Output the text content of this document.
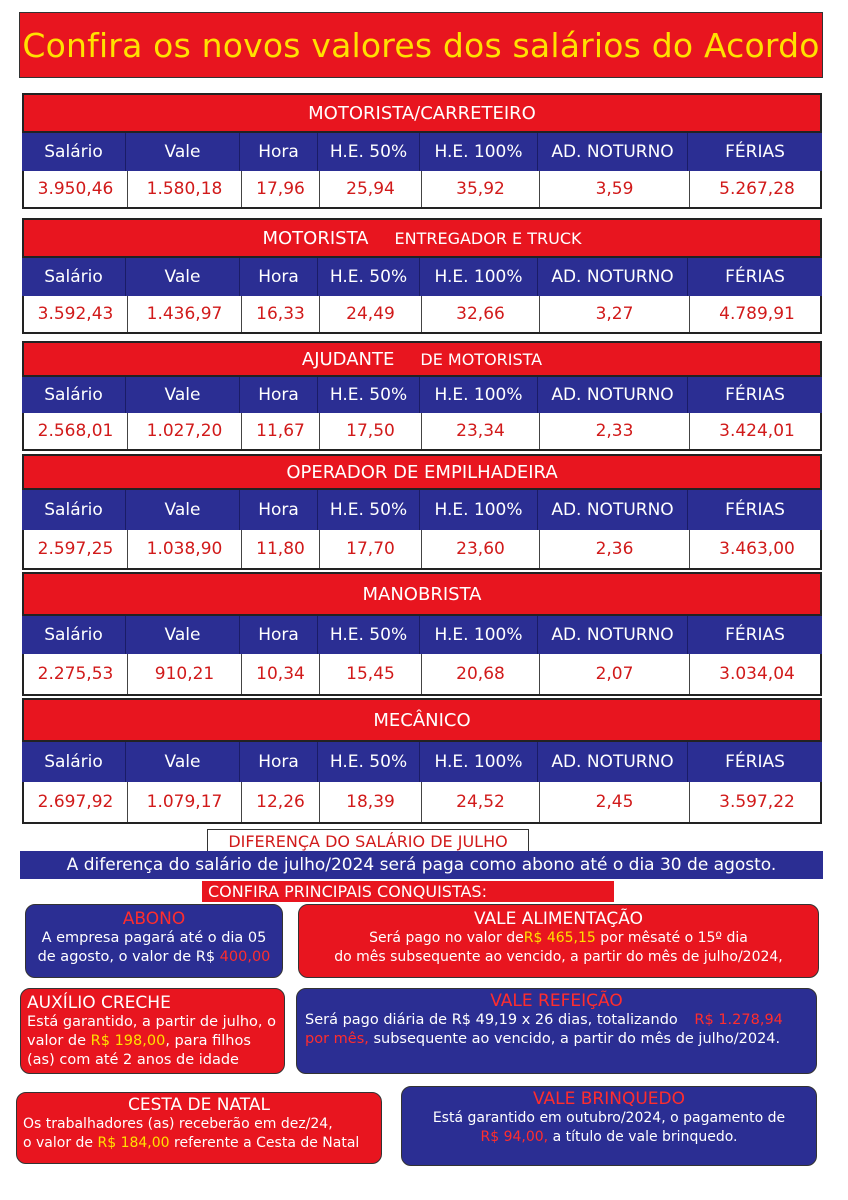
Confira os novos valores dos salários do Acordo
MOTORISTA/CARRETEIRO
Salário	Vale	Hora	H.E. 50%	H.E. 100%	AD. NOTURNO	FÉRIAS
3.950,46	1.580,18	17,96	25,94	35,92	3,59	5.267,28
MOTORISTA ENTREGADOR E TRUCK
Salário	Vale	Hora	H.E. 50%	H.E. 100%	AD. NOTURNO	FÉRIAS
3.592,43	1.436,97	16,33	24,49	32,66	3,27	4.789,91
AJUDANTE DE MOTORISTA
Salário	Vale	Hora	H.E. 50%	H.E. 100%	AD. NOTURNO	FÉRIAS
2.568,01	1.027,20	11,67	17,50	23,34	2,33	3.424,01
OPERADOR DE EMPILHADEIRA
Salário	Vale	Hora	H.E. 50%	H.E. 100%	AD. NOTURNO	FÉRIAS
2.597,25	1.038,90	11,80	17,70	23,60	2,36	3.463,00
MANOBRISTA
Salário	Vale	Hora	H.E. 50%	H.E. 100%	AD. NOTURNO	FÉRIAS
2.275,53	910,21	10,34	15,45	20,68	2,07	3.034,04
MECÂNICO
Salário	Vale	Hora	H.E. 50%	H.E. 100%	AD. NOTURNO	FÉRIAS
2.697,92	1.079,17	12,26	18,39	24,52	2,45	3.597,22
DIFERENÇA DO SALÁRIO DE JULHO
A diferença do salário de julho/2024 será paga como abono até o dia 30 de agosto.
CONFIRA PRINCIPAIS CONQUISTAS:
ABONO
A empresa pagará até o dia 05
de agosto, o valor de R$ 400,00
VALE ALIMENTAÇÃO
Será pago no valor deR$ 465,15 por mêsaté o 15º dia
do mês subsequente ao vencido, a partir do mês de julho/2024,
AUXÍLIO CRECHE
Está garantido, a partir de julho, o
valor de R$ 198,00, para filhos
(as) com até 2 anos de idade
VALE REFEIÇÃO
Será pago diária de R$ 49,19 x 26 dias, totalizando R$ 1.278,94
por mês, subsequente ao vencido, a partir do mês de julho/2024.
CESTA DE NATAL
Os trabalhadores (as) receberão em dez/24,
o valor de R$ 184,00 referente a Cesta de Natal
VALE BRINQUEDO
Está garantido em outubro/2024, o pagamento de
R$ 94,00, a título de vale brinquedo.
